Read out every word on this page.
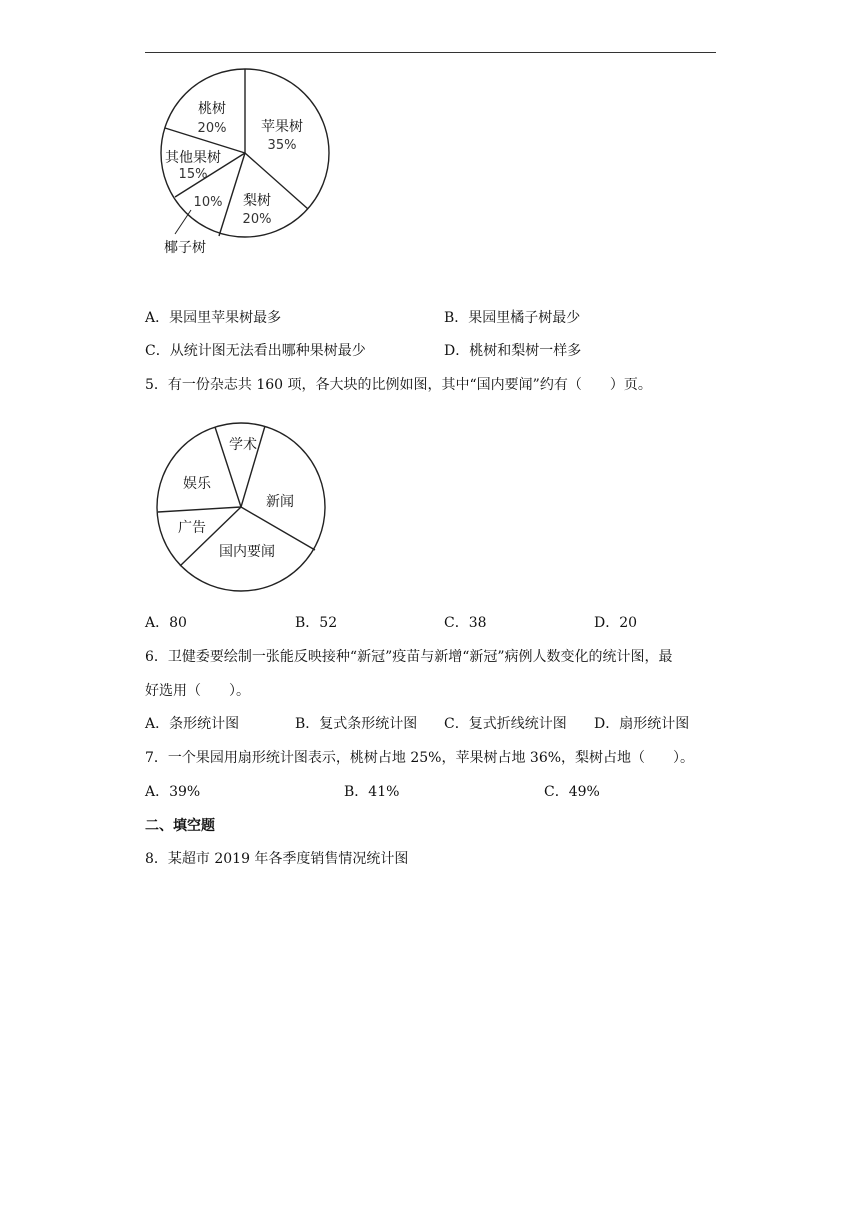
桃树
20% 苹果树
35%
其他果树
15%
10% 梨树
20%
椰子树
A．果园里苹果树最多	B．果园里橘子树最少
C．从统计图无法看出哪种果树最少	D．桃树和梨树一样多
5．有一份杂志共 160 项，各大块的比例如图，其中“国内要闻”约有（　　）页。
学术
娱乐
新闻
广告
国内要闻
A．80	B．52	C．38	D．20
6．卫健委要绘制一张能反映接种“新冠”疫苗与新增“新冠”病例人数变化的统计图，最
好选用（　　）。
A．条形统计图	B．复式条形统计图 C．复式折线统计图 D．扇形统计图
7．一个果园用扇形统计图表示，桃树占地 25%，苹果树占地 36%，梨树占地（　　）。
A．39%	B．41%	C．49%
二、填空题
8．某超市 2019 年各季度销售情况统计图
